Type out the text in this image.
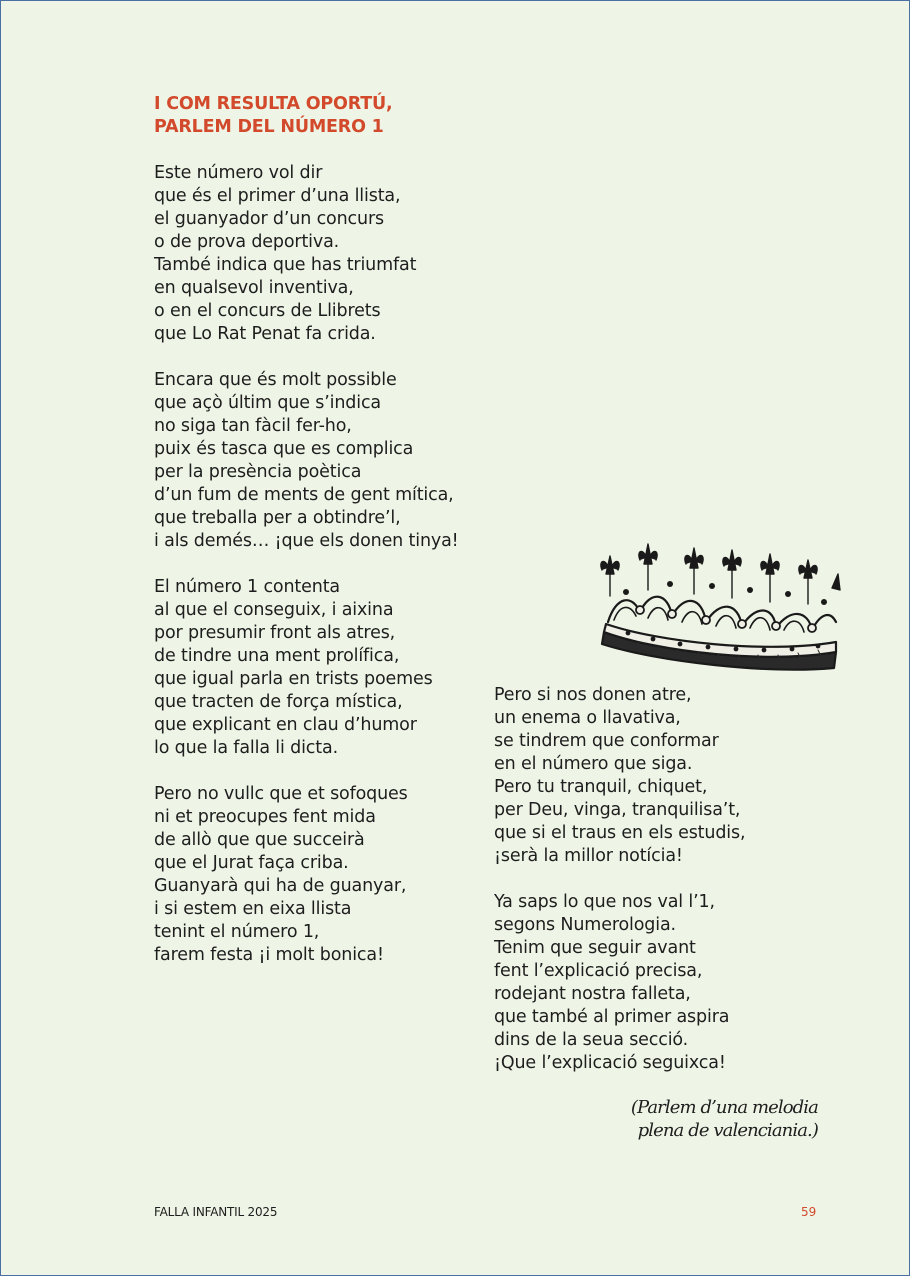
I COM RESULTA OPORTÚ,
PARLEM DEL NÚMERO 1
Este número vol dir
que és el primer d’una llista,
el guanyador d’un concurs
o de prova deportiva.
També indica que has triumfat
en qualsevol inventiva,
o en el concurs de Llibrets
que Lo Rat Penat fa crida.
Encara que és molt possible
que açò últim que s’indica
no siga tan fàcil fer-ho,
puix és tasca que es complica
per la presència poètica
d’un fum de ments de gent mítica,
que treballa per a obtindre’l,
i als demés… ¡que els donen tinya!
El número 1 contenta
al que el conseguix, i aixina
por presumir front als atres,
de tindre una ment prolífica,
que igual parla en trists poemes
que tracten de força mística,
que explicant en clau d’humor
lo que la falla li dicta.
Pero no vullc que et sofoques
ni et preocupes fent mida
de allò que que succeirà
que el Jurat faça criba.
Guanyarà qui ha de guanyar,
i si estem en eixa llista
tenint el número 1,
farem festa ¡i molt bonica!
Pero si nos donen atre,
un enema o llavativa,
se tindrem que conformar
en el número que siga.
Pero tu tranquil, chiquet,
per Deu, vinga, tranquilisa’t,
que si el traus en els estudis,
¡serà la millor notícia!
Ya saps lo que nos val l’1,
segons Numerologia.
Tenim que seguir avant
fent l’explicació precisa,
rodejant nostra falleta,
que també al primer aspira
dins de la seua secció.
¡Que l’explicació seguixca!
(Parlem d’una melodia
plena de valenciania.)
FALLA INFANTIL 2025	59
